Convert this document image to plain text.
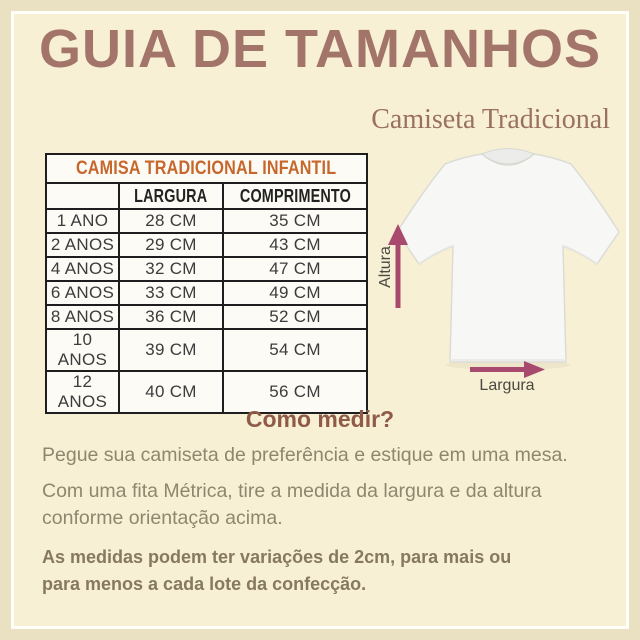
GUIA DE TAMANHOS
Camiseta Tradicional
CAMISA TRADICIONAL INFANTIL		
	LARGURA	COMPRIMENTO
1 ANO	28 CM	35 CM
2 ANOS	29 CM	43 CM
4 ANOS	32 CM	47 CM
6 ANOS	33 CM	49 CM
8 ANOS	36 CM	52 CM
10 ANOS	39 CM	54 CM
12 ANOS	40 CM	56 CM
Altura
Largura
Como medir?

Pegue sua camiseta de preferência e estique em uma mesa.

Com uma fita Métrica, tire a medida da largura e da altura conforme orientação acima.

As medidas podem ter variações de 2cm, para mais ou para menos a cada lote da confecção.
